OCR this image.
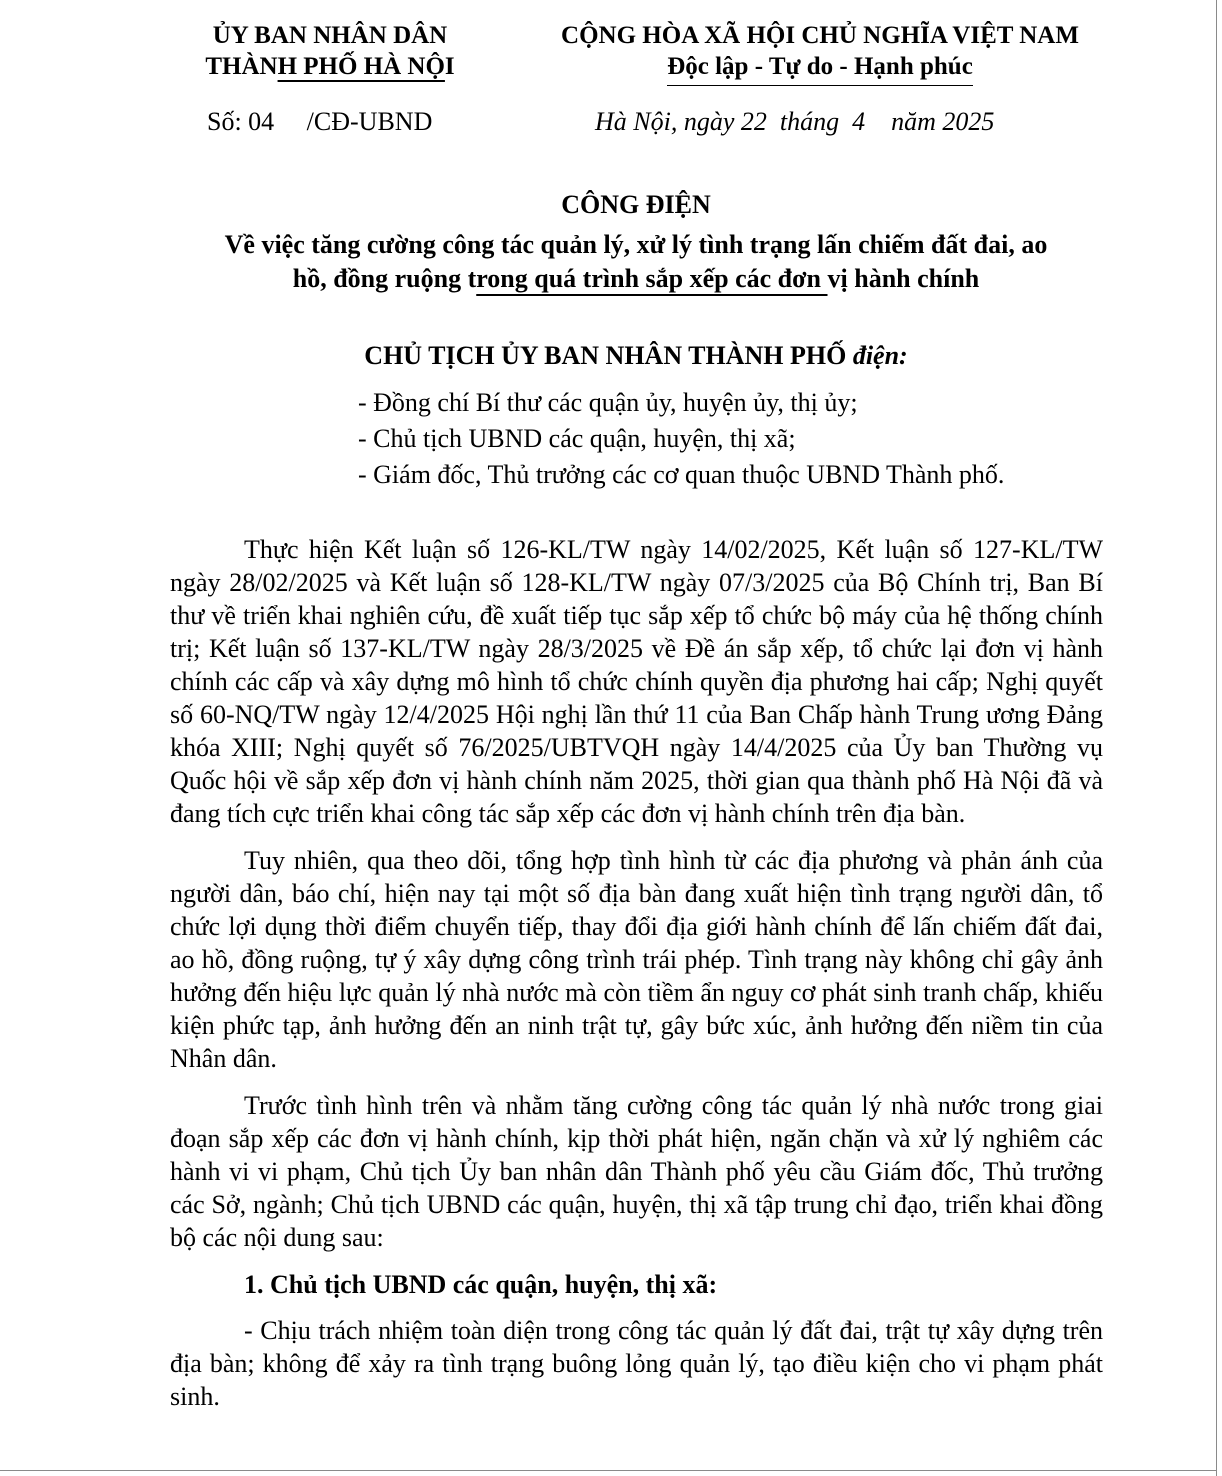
ỦY BAN NHÂN DÂN
THÀNH PHỐ HÀ NỘI
CỘNG HÒA XÃ HỘI CHỦ NGHĨA VIỆT NAM
Độc lập - Tự do - Hạnh phúc
Số: 04     /CĐ-UBND	Hà Nội, ngày 22  tháng  4    năm 2025
CÔNG ĐIỆN
Về việc tăng cường công tác quản lý, xử lý tình trạng lấn chiếm đất đai, ao
hồ, đồng ruộng trong quá trình sắp xếp các đơn vị hành chính
CHỦ TỊCH ỦY BAN NHÂN THÀNH PHỐ điện:
- Đồng chí Bí thư các quận ủy, huyện ủy, thị ủy;
- Chủ tịch UBND các quận, huyện, thị xã;
- Giám đốc, Thủ trưởng các cơ quan thuộc UBND Thành phố.

Thực hiện Kết luận số 126-KL/TW ngày 14/02/2025, Kết luận số 127-KL/TW ngày 28/02/2025 và Kết luận số 128-KL/TW ngày 07/3/2025 của Bộ Chính trị, Ban Bí thư về triển khai nghiên cứu, đề xuất tiếp tục sắp xếp tổ chức bộ máy của hệ thống chính trị; Kết luận số 137-KL/TW ngày 28/3/2025 về Đề án sắp xếp, tổ chức lại đơn vị hành chính các cấp và xây dựng mô hình tổ chức chính quyền địa phương hai cấp; Nghị quyết số 60-NQ/TW ngày 12/4/2025 Hội nghị lần thứ 11 của Ban Chấp hành Trung ương Đảng khóa XIII; Nghị quyết số 76/2025/UBTVQH ngày 14/4/2025 của Ủy ban Thường vụ Quốc hội về sắp xếp đơn vị hành chính năm 2025, thời gian qua thành phố Hà Nội đã và đang tích cực triển khai công tác sắp xếp các đơn vị hành chính trên địa bàn.

Tuy nhiên, qua theo dõi, tổng hợp tình hình từ các địa phương và phản ánh của người dân, báo chí, hiện nay tại một số địa bàn đang xuất hiện tình trạng người dân, tổ chức lợi dụng thời điểm chuyển tiếp, thay đổi địa giới hành chính để lấn chiếm đất đai, ao hồ, đồng ruộng, tự ý xây dựng công trình trái phép. Tình trạng này không chỉ gây ảnh hưởng đến hiệu lực quản lý nhà nước mà còn tiềm ẩn nguy cơ phát sinh tranh chấp, khiếu kiện phức tạp, ảnh hưởng đến an ninh trật tự, gây bức xúc, ảnh hưởng đến niềm tin của Nhân dân.

Trước tình hình trên và nhằm tăng cường công tác quản lý nhà nước trong giai đoạn sắp xếp các đơn vị hành chính, kịp thời phát hiện, ngăn chặn và xử lý nghiêm các hành vi vi phạm, Chủ tịch Ủy ban nhân dân Thành phố yêu cầu Giám đốc, Thủ trưởng các Sở, ngành; Chủ tịch UBND các quận, huyện, thị xã tập trung chỉ đạo, triển khai đồng bộ các nội dung sau:

1. Chủ tịch UBND các quận, huyện, thị xã:

- Chịu trách nhiệm toàn diện trong công tác quản lý đất đai, trật tự xây dựng trên địa bàn; không để xảy ra tình trạng buông lỏng quản lý, tạo điều kiện cho vi phạm phát sinh.
